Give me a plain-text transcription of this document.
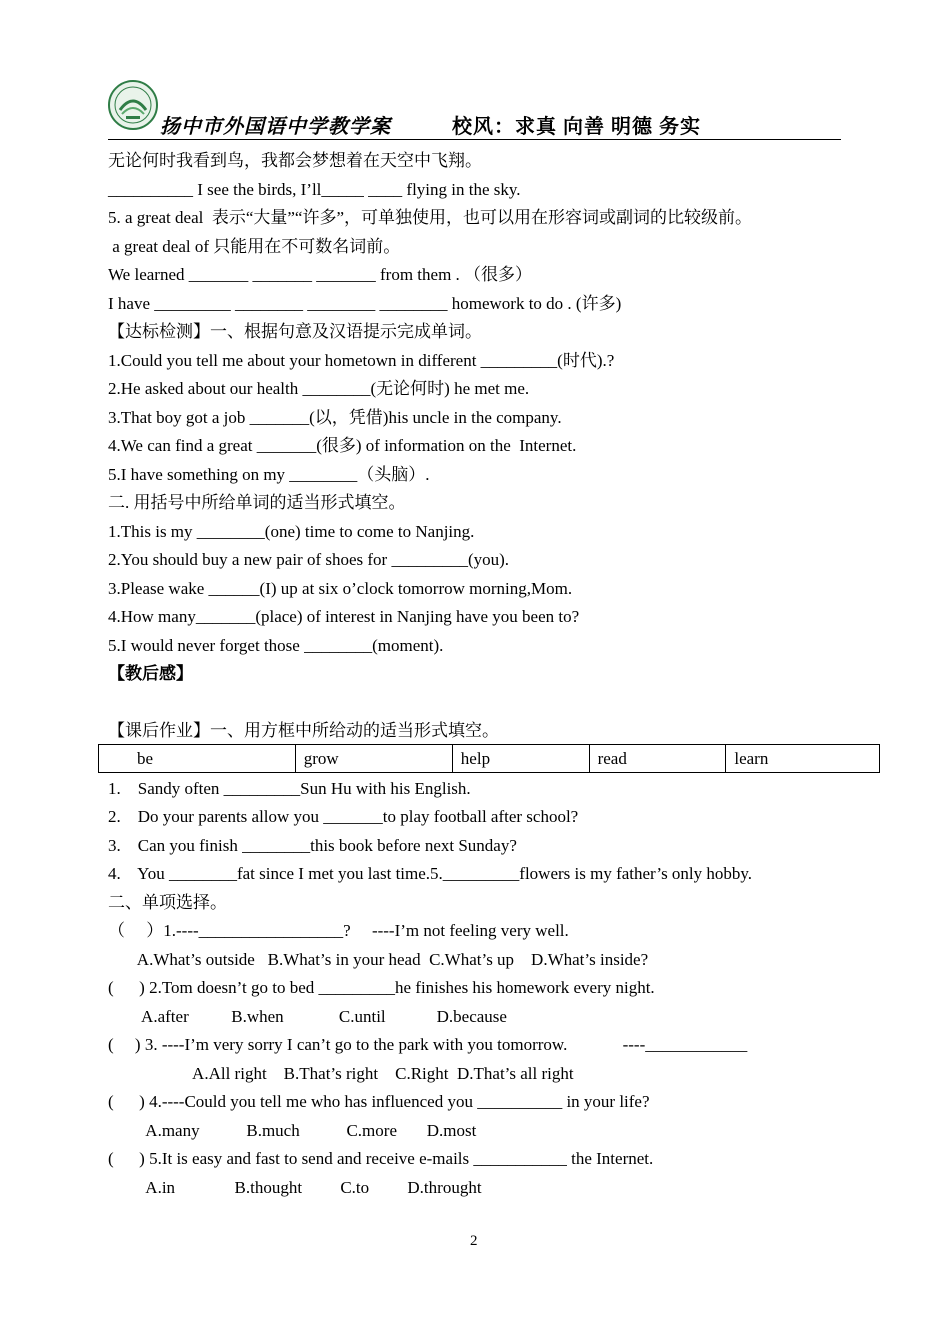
扬中市外国语中学教学案	校风：求真 向善 明德 务实
无论何时我看到鸟，我都会梦想着在天空中飞翔。
__________ I see the birds, I’ll_____ ____ flying in the sky.
5. a great deal  表示“大量”“许多”，可单独使用，也可以用在形容词或副词的比较级前。
a great deal of 只能用在不可数名词前。
We learned _______ _______ _______ from them . （很多）
I have _________ ________ ________ ________ homework to do . (许多)
【达标检测】一、根据句意及汉语提示完成单词。
1.Could you tell me about your hometown in different _________(时代).?
2.He asked about our health ________(无论何时) he met me.
3.That boy got a job _______(以，凭借)his uncle in the company.
4.We can find a great _______(很多) of information on the  Internet.
5.I have something on my ________（头脑）.
二. 用括号中所给单词的适当形式填空。
1.This is my ________(one) time to come to Nanjing.
2.You should buy a new pair of shoes for _________(you).
3.Please wake ______(I) up at six o’clock tomorrow morning,Mom.
4.How many_______(place) of interest in Nanjing have you been to?
5.I would never forget those ________(moment).
【教后感】
【课后作业】一、用方框中所给动的适当形式填空。
be	grow	help	read	learn
1.    Sandy often _________Sun Hu with his English.
2.    Do your parents allow you _______to play football after school?
3.    Can you finish ________this book before next Sunday?
4.    You ________fat since I met you last time.5._________flowers is my father’s only hobby.
二、单项选择。
（     ）1.----_________________?     ----I’m not feeling very well.
A.What’s outside   B.What’s in your head  C.What’s up    D.What’s inside?
(      ) 2.Tom doesn’t go to bed _________he finishes his homework every night.
A.after          B.when             C.until            D.because
(     ) 3. ----I’m very sorry I can’t go to the park with you tomorrow.             ----____________
A.All right    B.That’s right    C.Right  D.That’s all right
(      ) 4.----Could you tell me who has influenced you __________ in your life?
A.many           B.much           C.more       D.most
(      ) 5.It is easy and fast to send and receive e-mails ___________ the Internet.
A.in              B.thought         C.to         D.throught
2
